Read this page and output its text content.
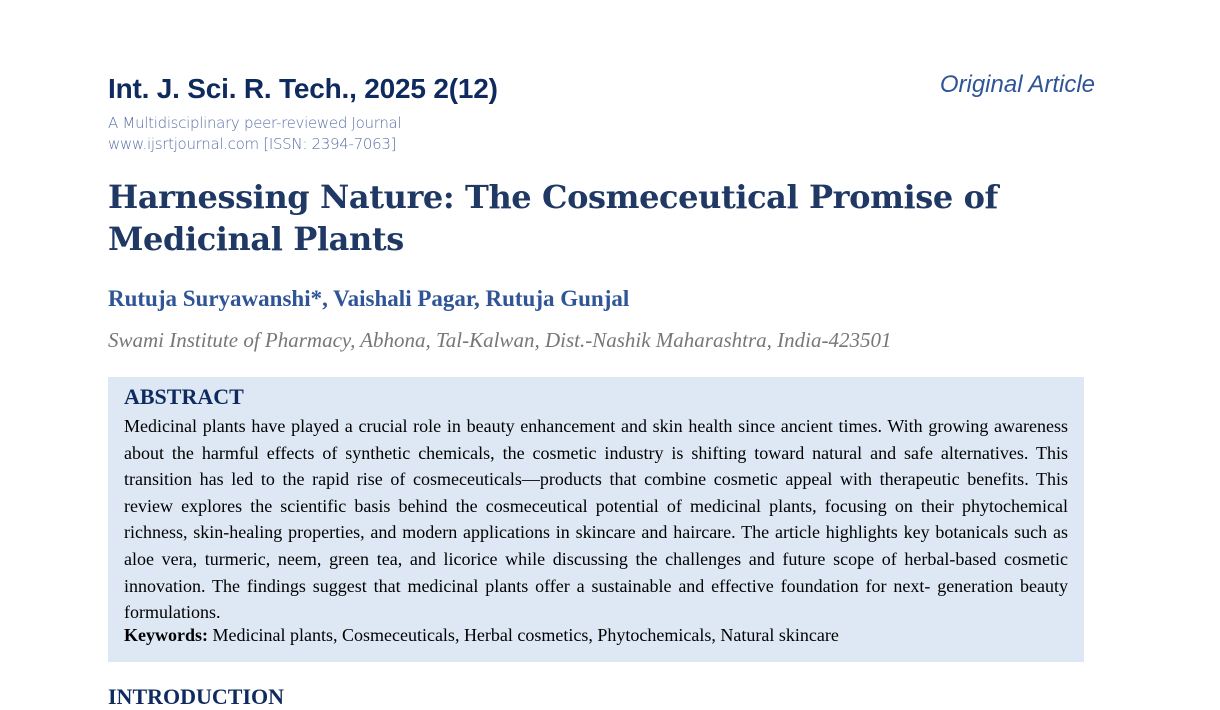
Int. J. Sci. R. Tech., 2025 2(12)	Original Article
A Multidisciplinary peer-reviewed Journal
www.ijsrtjournal.com [ISSN: 2394-7063]
Harnessing Nature: The Cosmeceutical Promise of Medicinal Plants
Rutuja Suryawanshi*, Vaishali Pagar, Rutuja Gunjal
Swami Institute of Pharmacy, Abhona, Tal-Kalwan, Dist.-Nashik Maharashtra, India-423501
ABSTRACT
Medicinal plants have played a crucial role in beauty enhancement and skin health since ancient times. With growing awareness about the harmful effects of synthetic chemicals, the cosmetic industry is shifting toward natural and safe alternatives. This transition has led to the rapid rise of cosmeceuticals—products that combine cosmetic appeal with therapeutic benefits. This review explores the scientific basis behind the cosmeceutical potential of medicinal plants, focusing on their phytochemical richness, skin-healing properties, and modern applications in skincare and haircare. The article highlights key botanicals such as aloe vera, turmeric, neem, green tea, and licorice while discussing the challenges and future scope of herbal-based cosmetic innovation. The findings suggest that medicinal plants offer a sustainable and effective foundation for next- generation beauty formulations.
Keywords: Medicinal plants, Cosmeceuticals, Herbal cosmetics, Phytochemicals, Natural skincare
INTRODUCTION
